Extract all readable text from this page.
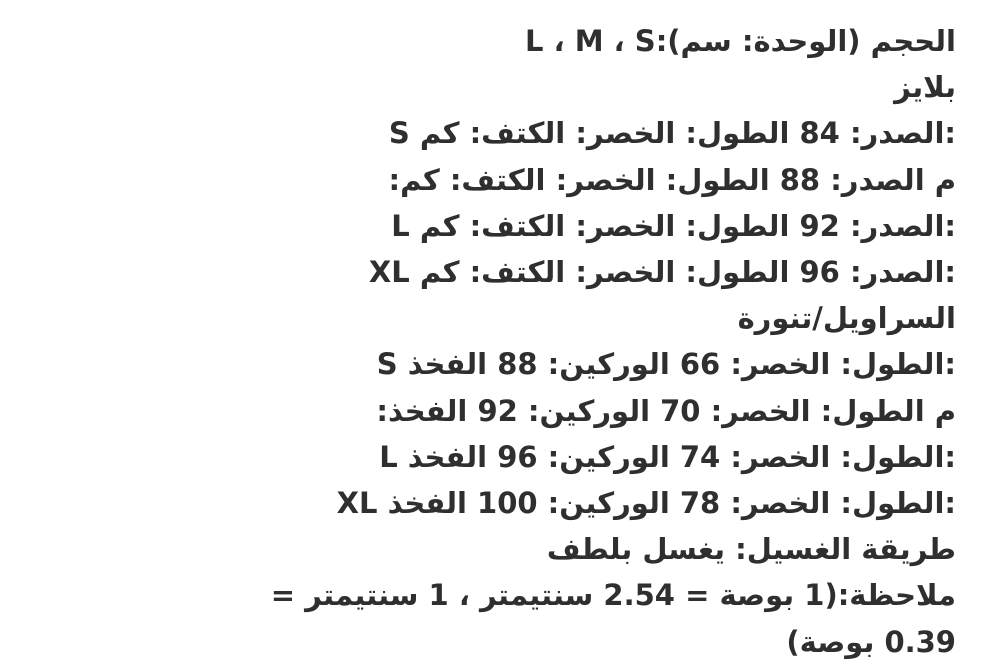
الحجم (الوحدة: سم):L ، M ، S
بلايز
:الصدر: 84 الطول: الخصر: الكتف: كم S
م الصدر: 88 الطول: الخصر: الكتف: كم:
:الصدر: 92 الطول: الخصر: الكتف: كم L
:الصدر: 96 الطول: الخصر: الكتف: كم XL
السراويل/تنورة
:الطول: الخصر: 66 الوركين: 88 الفخذ S
م الطول: الخصر: 70 الوركين: 92 الفخذ:
:الطول: الخصر: 74 الوركين: 96 الفخذ L
:الطول: الخصر: 78 الوركين: 100 الفخذ XL
طريقة الغسيل: يغسل بلطف
ملاحظة:(1 بوصة = 2.54 سنتيمتر ، 1 سنتيمتر =
0.39 بوصة)
